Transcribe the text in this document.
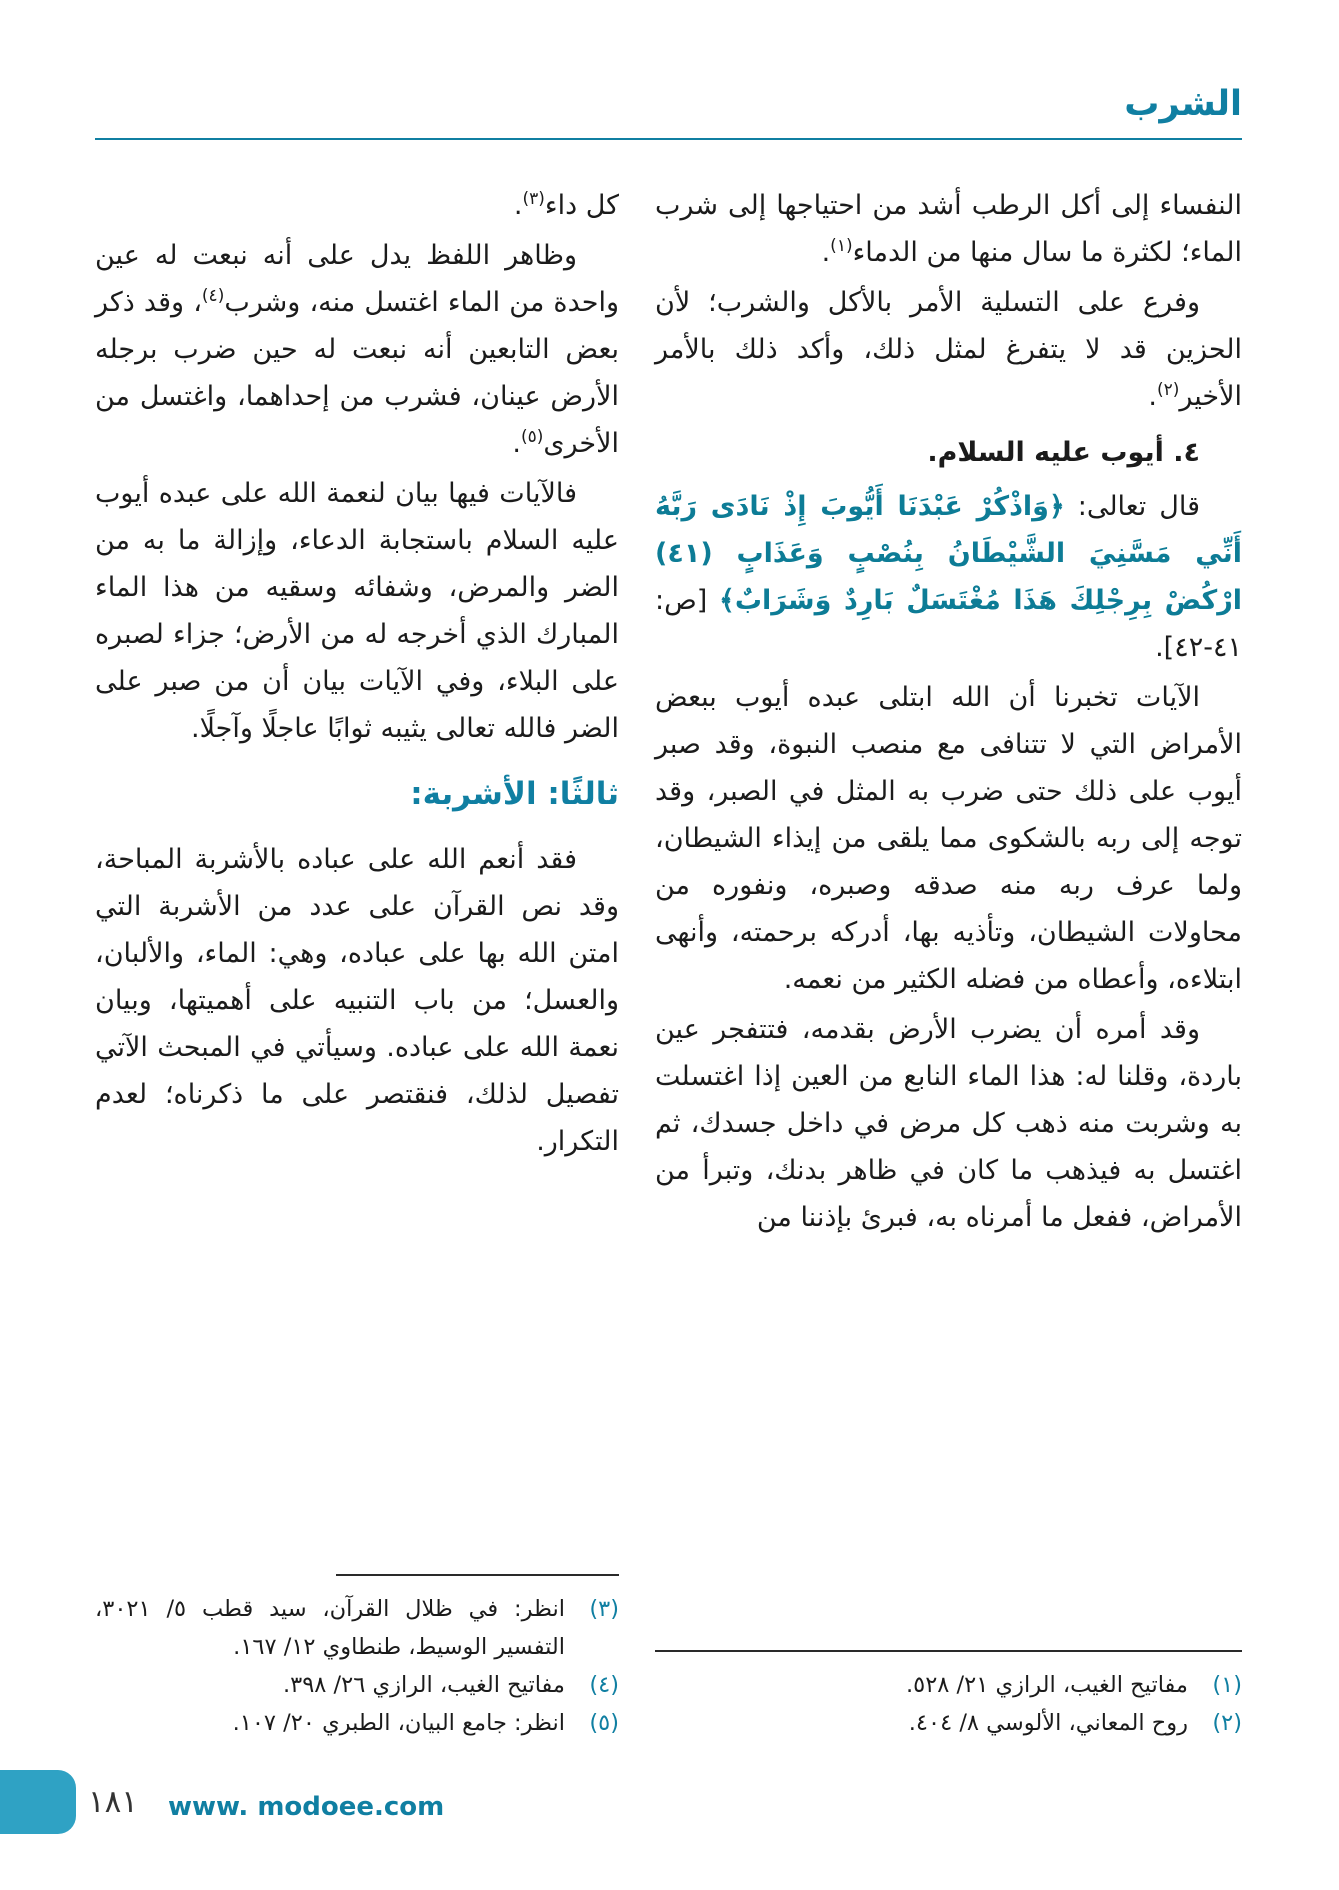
الشرب

النفساء إلى أكل الرطب أشد من احتياجها إلى شرب الماء؛ لكثرة ما سال منها من الدماء$^{(١)}$.

وفرع على التسلية الأمر بالأكل والشرب؛ لأن الحزين قد لا يتفرغ لمثل ذلك، وأكد ذلك بالأمر الأخير$^{(٢)}$.

٤. أيوب عليه السلام.

قال تعالى: ﴿وَاذْكُرْ عَبْدَنَا أَيُّوبَ إِذْ نَادَى رَبَّهُ أَنِّي مَسَّنِيَ الشَّيْطَانُ بِنُصْبٍ وَعَذَابٍ (٤١) ارْكُضْ بِرِجْلِكَ هَذَا مُغْتَسَلٌ بَارِدٌ وَشَرَابٌ﴾ [ص: ٤١-٤٢].

الآيات تخبرنا أن الله ابتلى عبده أيوب ببعض الأمراض التي لا تتنافى مع منصب النبوة، وقد صبر أيوب على ذلك حتى ضرب به المثل في الصبر، وقد توجه إلى ربه بالشكوى مما يلقى من إيذاء الشيطان، ولما عرف ربه منه صدقه وصبره، ونفوره من محاولات الشيطان، وتأذيه بها، أدركه برحمته، وأنهى ابتلاءه، وأعطاه من فضله الكثير من نعمه.

وقد أمره أن يضرب الأرض بقدمه، فتتفجر عين باردة، وقلنا له: هذا الماء النابع من العين إذا اغتسلت به وشربت منه ذهب كل مرض في داخل جسدك، ثم اغتسل به فيذهب ما كان في ظاهر بدنك، وتبرأ من الأمراض، ففعل ما أمرناه به، فبرئ بإذننا من

(١)
مفاتيح الغيب، الرازي ٢١/ ٥٢٨.
(٢)
روح المعاني، الألوسي ٨/ ٤٠٤.

كل داء$^{(٣)}$.

وظاهر اللفظ يدل على أنه نبعت له عين واحدة من الماء اغتسل منه، وشرب$^{(٤)}$، وقد ذكر بعض التابعين أنه نبعت له حين ضرب برجله الأرض عينان، فشرب من إحداهما، واغتسل من الأخرى$^{(٥)}$.

فالآيات فيها بيان لنعمة الله على عبده أيوب عليه السلام باستجابة الدعاء، وإزالة ما به من الضر والمرض، وشفائه وسقيه من هذا الماء المبارك الذي أخرجه له من الأرض؛ جزاء لصبره على البلاء، وفي الآيات بيان أن من صبر على الضر فالله تعالى يثيبه ثوابًا عاجلًا وآجلًا.

ثالثًا: الأشربة:

فقد أنعم الله على عباده بالأشربة المباحة، وقد نص القرآن على عدد من الأشربة التي امتن الله بها على عباده، وهي: الماء، والألبان، والعسل؛ من باب التنبيه على أهميتها، وبيان نعمة الله على عباده. وسيأتي في المبحث الآتي تفصيل لذلك، فنقتصر على ما ذكرناه؛ لعدم التكرار.

(٣)
انظر: في ظلال القرآن، سيد قطب ٥/ ٣٠٢١، التفسير الوسيط، طنطاوي ١٢/ ١٦٧.
(٤)
مفاتيح الغيب، الرازي ٢٦/ ٣٩٨.
(٥)
انظر: جامع البيان، الطبري ٢٠/ ١٠٧.
١٨١ www. modoee.com
